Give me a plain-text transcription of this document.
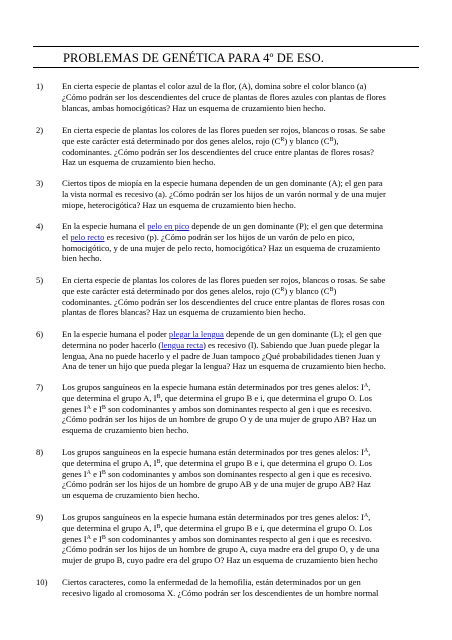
PROBLEMAS DE GENÉTICA PARA 4º DE ESO.
1) En cierta especie de plantas el color azul de la flor, (A), domina sobre el color blanco (a)
¿Cómo podrán ser los descendientes del cruce de plantas de flores azules con plantas de flores
blancas, ambas homocigóticas? Haz un esquema de cruzamiento bien hecho.
2) En cierta especie de plantas los colores de las flores pueden ser rojos, blancos o rosas. Se sabe
que este carácter está determinado por dos genes alelos, rojo $(C^R)$ y blanco $(C^B)$,
codominantes. ¿Cómo podrán ser los descendientes del cruce entre plantas de flores rosas?
Haz un esquema de cruzamiento bien hecho.
3) Ciertos tipos de miopía en la especie humana dependen de un gen dominante (A); el gen para
la vista normal es recesivo (a). ¿Cómo podrán ser los hijos de un varón normal y de una mujer
miope, heterocigótica? Haz un esquema de cruzamiento bien hecho.
4) En la especie humana el pelo en pico depende de un gen dominante (P); el gen que determina
el pelo recto es recesivo (p). ¿Cómo podrán ser los hijos de un varón de pelo en pico,
homocigótico, y de una mujer de pelo recto, homocigótica? Haz un esquema de cruzamiento
bien hecho.
5) En cierta especie de plantas los colores de las flores pueden ser rojos, blancos o rosas. Se sabe
que este carácter está determinado por dos genes alelos, rojo $(C^R)$ y blanco $(C^B)$
codominantes. ¿Cómo podrán ser los descendientes del cruce entre plantas de flores rosas con
plantas de flores blancas? Haz un esquema de cruzamiento bien hecho.
6) En la especie humana el poder plegar la lengua depende de un gen dominante (L); el gen que
determina no poder hacerlo (lengua recta) es recesivo (l). Sabiendo que Juan puede plegar la
lengua, Ana no puede hacerlo y el padre de Juan tampoco ¿Qué probabilidades tienen Juan y
Ana de tener un hijo que pueda plegar la lengua? Haz un esquema de cruzamiento bien hecho.
7) Los grupos sanguíneos en la especie humana están determinados por tres genes alelos: $I^A$,
que determina el grupo A, $I^B$, que determina el grupo B e i, que determina el grupo O. Los
genes $I^A$ e $I^B$ son codominantes y ambos son dominantes respecto al gen i que es recesivo.
¿Cómo podrán ser los hijos de un hombre de grupo O y de una mujer de grupo AB? Haz un
esquema de cruzamiento bien hecho.
8) Los grupos sanguíneos en la especie humana están determinados por tres genes alelos: $I^A$,
que determina el grupo A, $I^B$, que determina el grupo B e i, que determina el grupo O. Los
genes $I^A$ e $I^B$ son codominantes y ambos son dominantes respecto al gen i que es recesivo.
¿Cómo podrán ser los hijos de un hombre de grupo AB y de una mujer de grupo AB? Haz
un esquema de cruzamiento bien hecho.
9) Los grupos sanguíneos en la especie humana están determinados por tres genes alelos: $I^A$,
que determina el grupo A, $I^B$, que determina el grupo B e i, que determina el grupo O. Los
genes $I^A$ e $I^B$ son codominantes y ambos son dominantes respecto al gen i que es recesivo.
¿Cómo podrán ser los hijos de un hombre de grupo A, cuya madre era del grupo O, y de una
mujer de grupo B, cuyo padre era del grupo O? Haz un esquema de cruzamiento bien hecho
10) Ciertos caracteres, como la enfermedad de la hemofilia, están determinados por un gen
recesivo ligado al cromosoma X. ¿Cómo podrán ser los descendientes de un hombre normal
